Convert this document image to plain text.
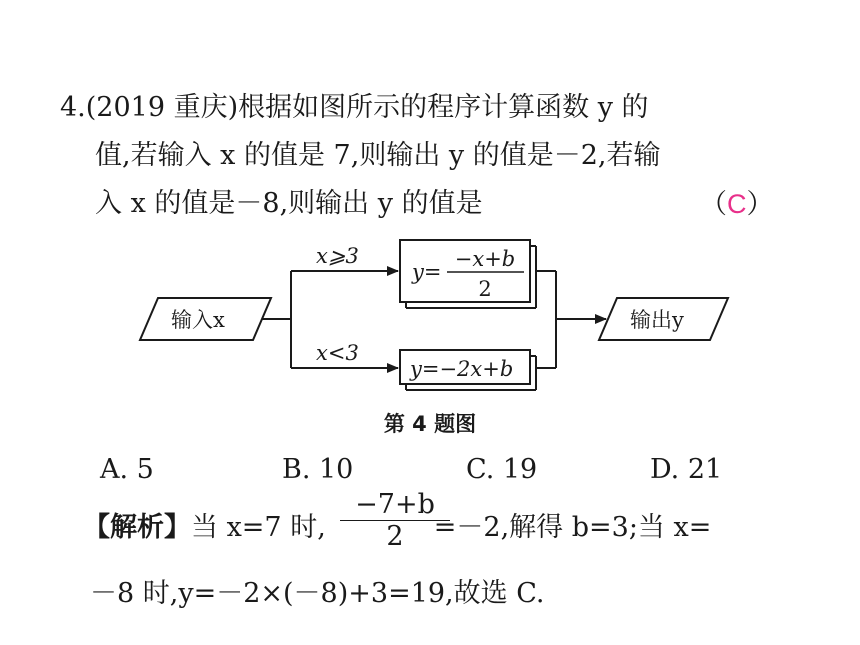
4.(2019 重庆)根据如图所示的程序计算函数 y 的
值,若输入 x 的值是 7,则输出 y 的值是－2,若输
入 x 的值是－8,则输出 y 的值是	（C）
输入x	输出y
x⩾3
x<3
y=
−x+b
2
y=−2x+b
第 4 题图
A. 5	B. 10	C. 19	D. 21
【解析】当 x=7 时,	=－2,解得 b=3;当 x=
$\frac{-7+b}{2}$
－8 时,y=－2×(－8)+3=19,故选 C.
